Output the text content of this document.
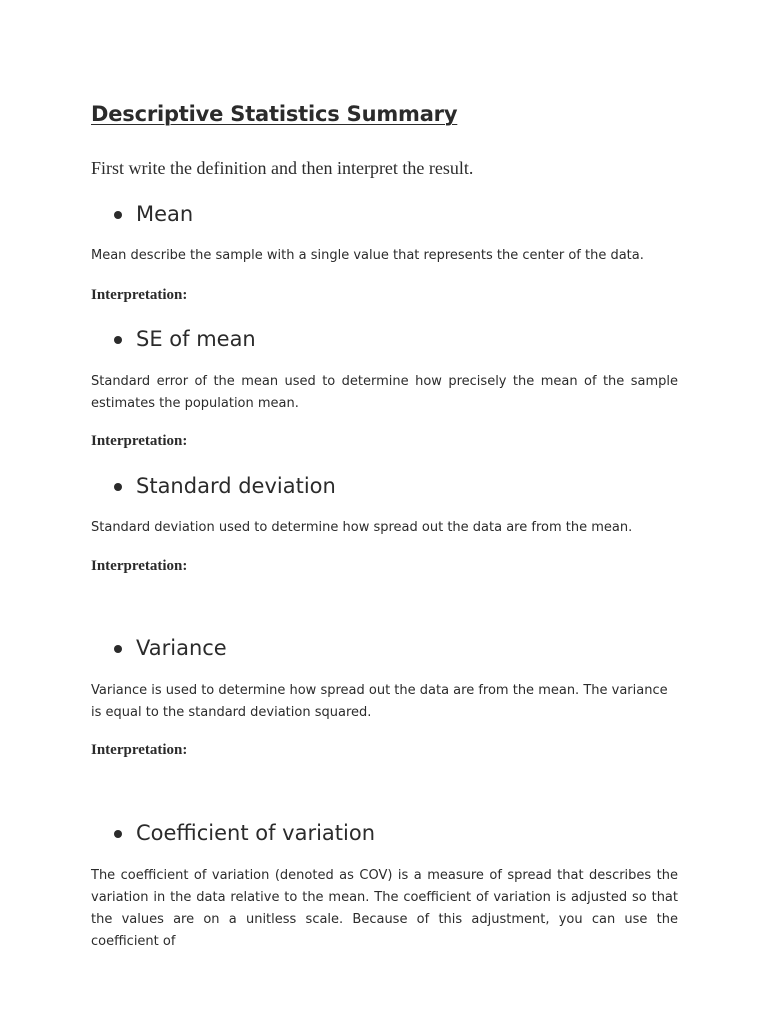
Descriptive Statistics Summary

First write the definition and then interpret the result.

Mean

Mean describe the sample with a single value that represents the center of the data.

Interpretation:

SE of mean

Standard error of the mean used to determine how precisely the mean of the sample estimates the population mean.

Interpretation:

Standard deviation

Standard deviation used to determine how spread out the data are from the mean.

Interpretation:

Variance

Variance is used to determine how spread out the data are from the mean. The variance is equal to the standard deviation squared.

Interpretation:

Coefficient of variation

The coefficient of variation (denoted as COV) is a measure of spread that describes the variation in the data relative to the mean. The coefficient of variation is adjusted so that the values are on a unitless scale. Because of this adjustment, you can use the coefficient of
